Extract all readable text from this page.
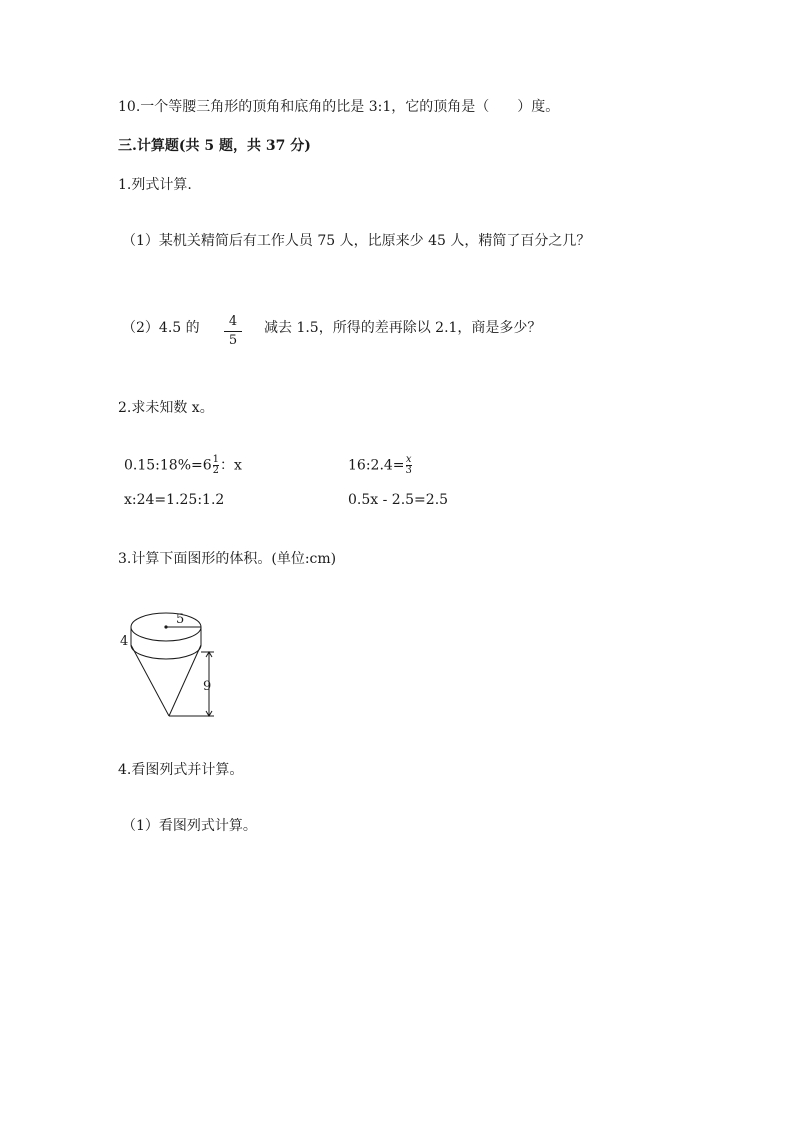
10.一个等腰三角形的顶角和底角的比是 3:1，它的顶角是（　　）度。
三.计算题(共 5 题，共 37 分)
1.列式计算.
（1）某机关精简后有工作人员 75 人，比原来少 45 人，精简了百分之几？
（2）4.5 的	4
5
减去 1.5，所得的差再除以 2.1，商是多少？
2.求未知数 x。
0.15:18%=6 $\frac{1}{2}$ ：x	16:2.4= $\frac{x}{3}$
x:24=1.25:1.2	0.5x - 2.5=2.5
3.计算下面图形的体积。(单位:cm)
5
4
9
4.看图列式并计算。
（1）看图列式计算。
